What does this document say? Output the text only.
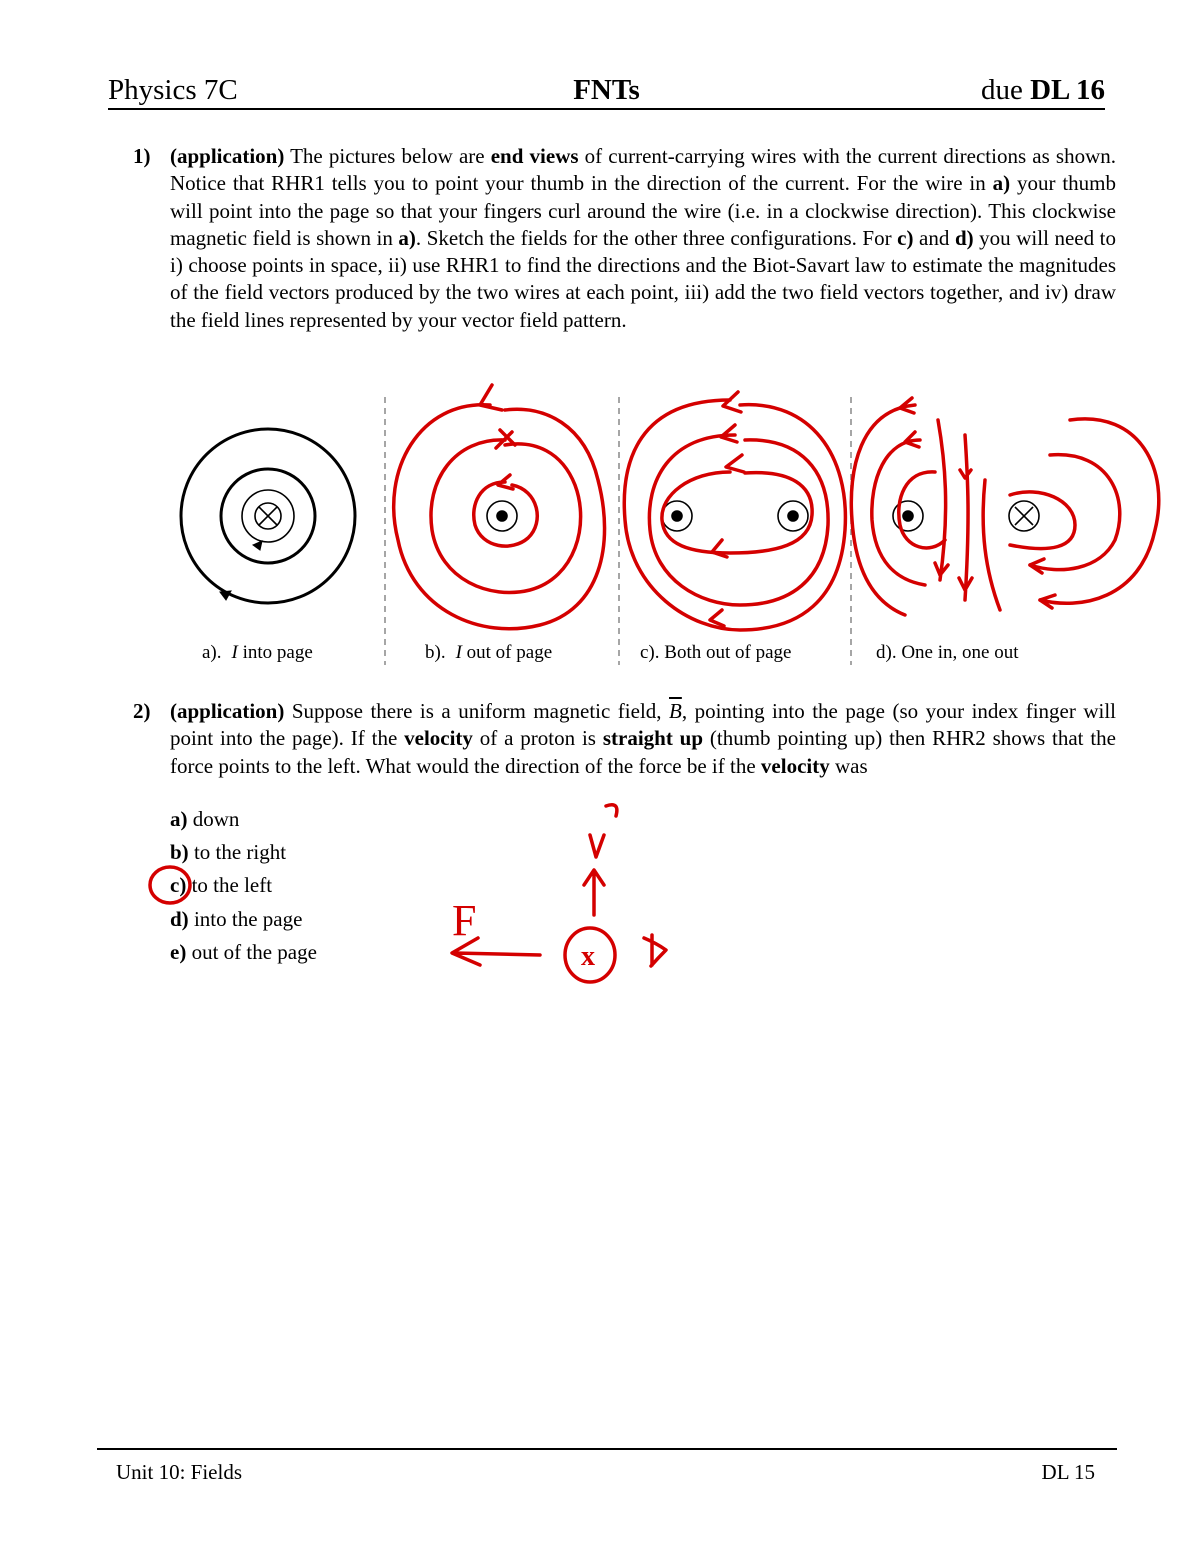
Physics 7C	FNTs	due DL 16
1) (application) The pictures below are end views of current-carrying wires with the current directions as shown. Notice that RHR1 tells you to point your thumb in the direction of the current. For the wire in a) your thumb will point into the page so that your fingers curl around the wire (i.e. in a clockwise direction). This clockwise magnetic field is shown in a). Sketch the fields for the other three configurations. For c) and d) you will need to i) choose points in space, ii) use RHR1 to find the directions and the Biot-Savart law to estimate the magnitudes of the field vectors produced by the two wires at each point, iii) add the two field vectors together, and iv) draw the field lines represented by your vector field pattern.
a). I into page	b). I out of page	c). Both out of page	d). One in, one out
2) (application) Suppose there is a uniform magnetic field, $\overline{B}$, pointing into the page (so your index finger will point into the page). If the velocity of a proton is straight up (thumb pointing up) then RHR2 shows that the force points to the left. What would the direction of the force be if the velocity was
a) down
b) to the right
c) to the left
d) into the page
e) out of the page
F
x
Unit 10: Fields	DL 15
